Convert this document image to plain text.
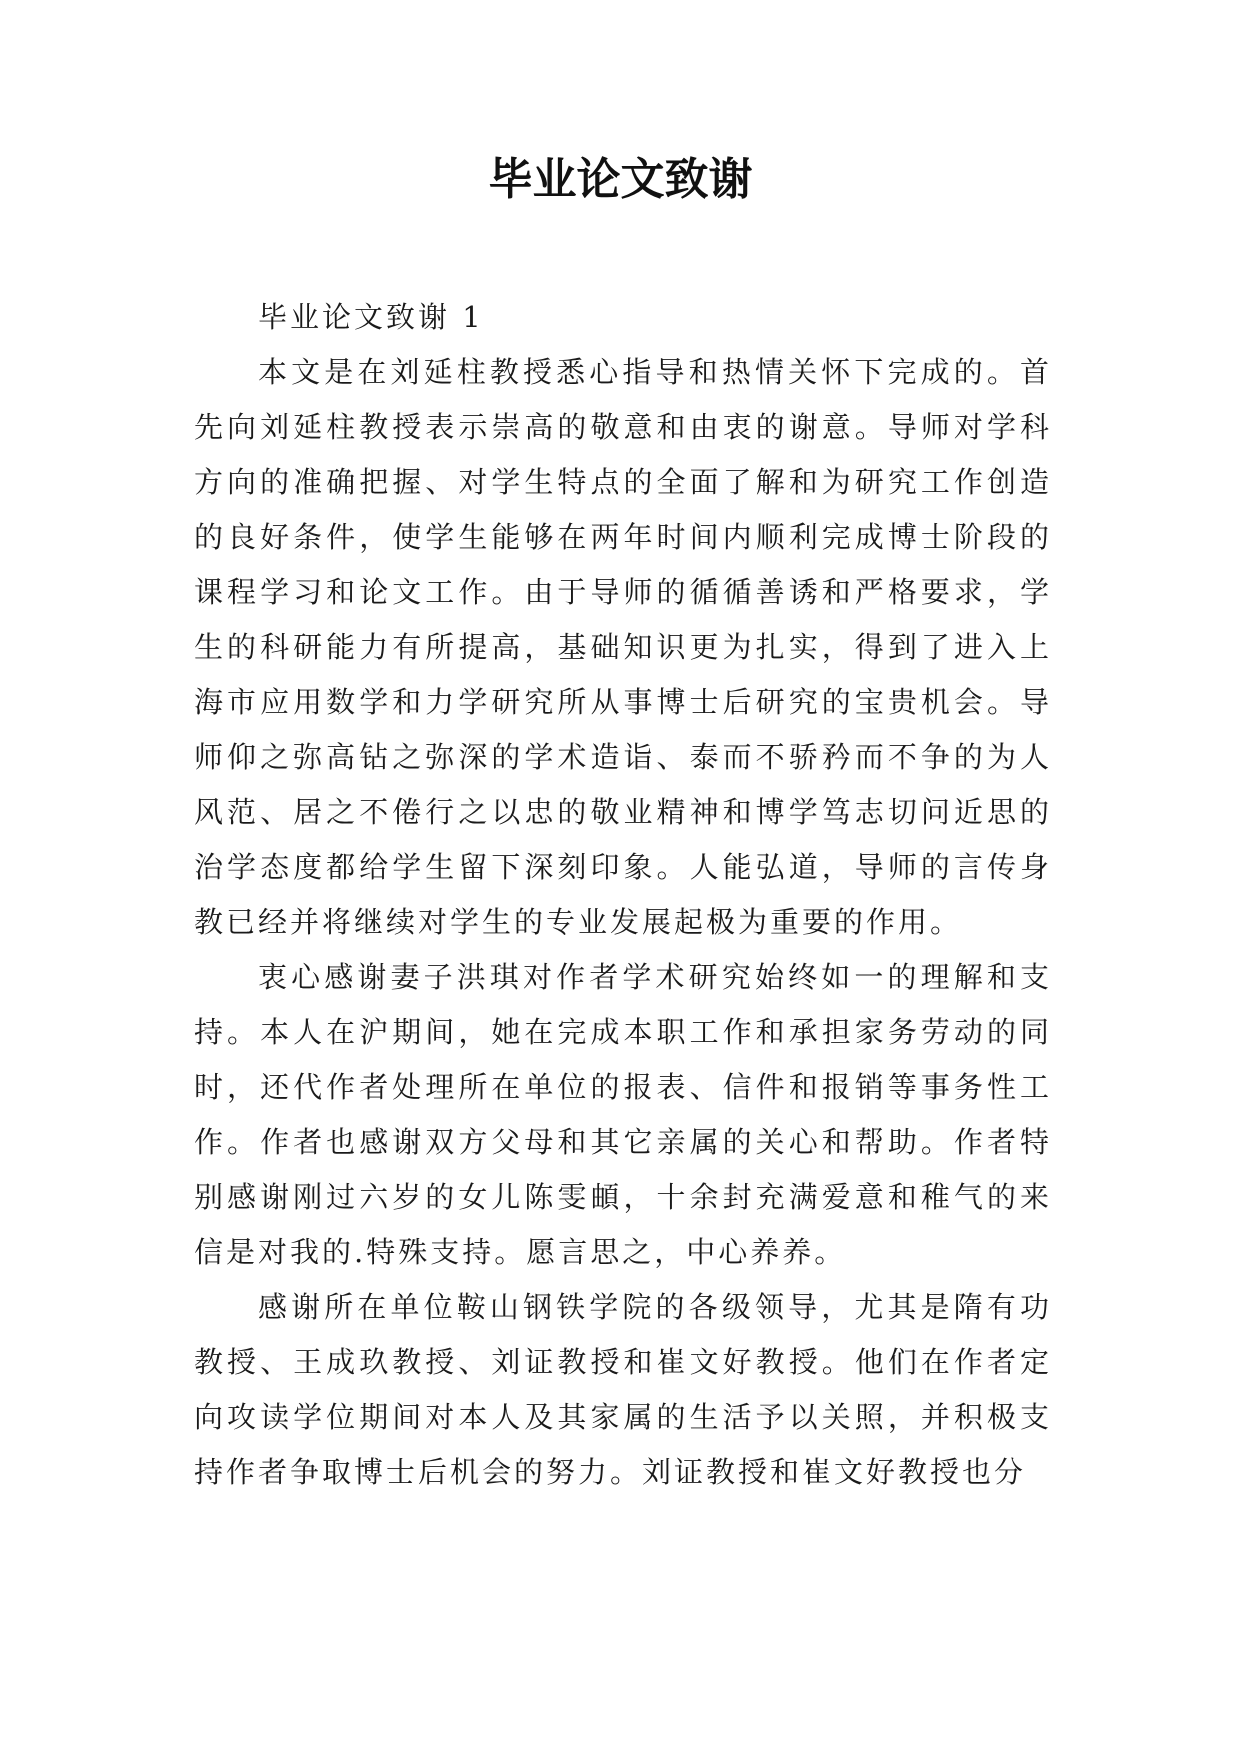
毕业论文致谢

毕业论文致谢 1

本文是在刘延柱教授悉心指导和热情关怀下完成的。首先向刘延柱教授表示崇高的敬意和由衷的谢意。导师对学科方向的准确把握、对学生特点的全面了解和为研究工作创造的良好条件，使学生能够在两年时间内顺利完成博士阶段的课程学习和论文工作。由于导师的循循善诱和严格要求，学生的科研能力有所提高，基础知识更为扎实，得到了进入上海市应用数学和力学研究所从事博士后研究的宝贵机会。导师仰之弥高钻之弥深的学术造诣、泰而不骄矜而不争的为人风范、居之不倦行之以忠的敬业精神和博学笃志切问近思的治学态度都给学生留下深刻印象。人能弘道，导师的言传身教已经并将继续对学生的专业发展起极为重要的作用。

衷心感谢妻子洪琪对作者学术研究始终如一的理解和支持。本人在沪期间，她在完成本职工作和承担家务劳动的同时，还代作者处理所在单位的报表、信件和报销等事务性工作。作者也感谢双方父母和其它亲属的关心和帮助。作者特别感谢刚过六岁的女儿陈雯頔，十余封充满爱意和稚气的来信是对我的.特殊支持。愿言思之，中心养养。

感谢所在单位鞍山钢铁学院的各级领导，尤其是隋有功教授、王成玖教授、刘证教授和崔文好教授。他们在作者定向攻读学位期间对本人及其家属的生活予以关照，并积极支持作者争取博士后机会的努力。刘证教授和崔文好教授也分
